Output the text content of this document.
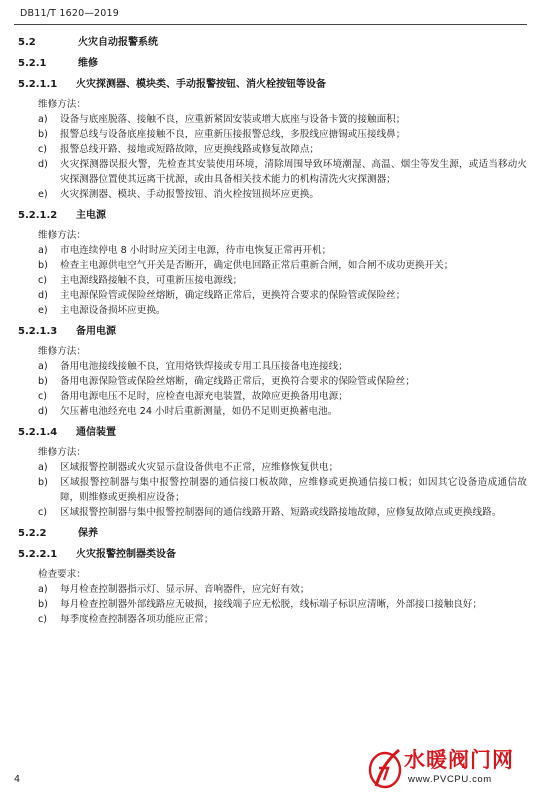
DB11/T 1620—2019
5.2	火灾自动报警系统
5.2.1	维修
5.2.1.1 火灾探测器、模块类、手动报警按钮、消火栓按钮等设备
维修方法：
a)	设备与底座脱落、接触不良，应重新紧固安装或增大底座与设备卡簧的接触面积；
b)	报警总线与设备底座接触不良，应重新压接报警总线，多股线应搪锡或压接线鼻；
c)	报警总线开路、接地或短路故障，应更换线路或修复故障点；
d)	火灾探测器误报火警，先检查其安装使用环境，清除周围导致环境潮湿、高温、烟尘等发生源，或适当移动火灾探测器位置使其远离干扰源，或由具备相关技术能力的机构清洗火灾探测器；
e)	火灾探测器、模块、手动报警按钮、消火栓按钮损坏应更换。
5.2.1.2 主电源
维修方法：
a)	市电连续停电 8 小时时应关闭主电源，待市电恢复正常再开机；
b)	检查主电源供电空气开关是否断开，确定供电回路正常后重新合闸，如合闸不成功更换开关；
c)	主电源线路接触不良，可重新压接电源线；
d)	主电源保险管或保险丝熔断，确定线路正常后，更换符合要求的保险管或保险丝；
e)	主电源设备损坏应更换。
5.2.1.3 备用电源
维修方法：
a)	备用电池接线接触不良，宜用烙铁焊接或专用工具压接备电连接线；
b)	备用电源保险管或保险丝熔断，确定线路正常后，更换符合要求的保险管或保险丝；
c)	备用电源电压不足时，应检查电源充电装置，故障应更换备用电源；
d)	欠压蓄电池经充电 24 小时后重新测量，如仍不足则更换蓄电池。
5.2.1.4 通信装置
维修方法：
a)	区域报警控制器或火灾显示盘设备供电不正常，应维修恢复供电；
b)	区域报警控制器与集中报警控制器的通信接口板故障，应维修或更换通信接口板；如因其它设备造成通信故障，则维修或更换相应设备；
c)	区域报警控制器与集中报警控制器间的通信线路开路、短路或线路接地故障，应修复故障点或更换线路。
5.2.2	保养
5.2.2.1 火灾报警控制器类设备
检查要求：
a)	每月检查控制器指示灯、显示屏、音响器件，应完好有效；
b)	每月检查控制器外部线路应无破损，接线端子应无松脱，线标端子标识应清晰，外部接口接触良好；
c)	每季度检查控制器各项功能应正常；
4
水暖阀门网
www.PVCPU.com
